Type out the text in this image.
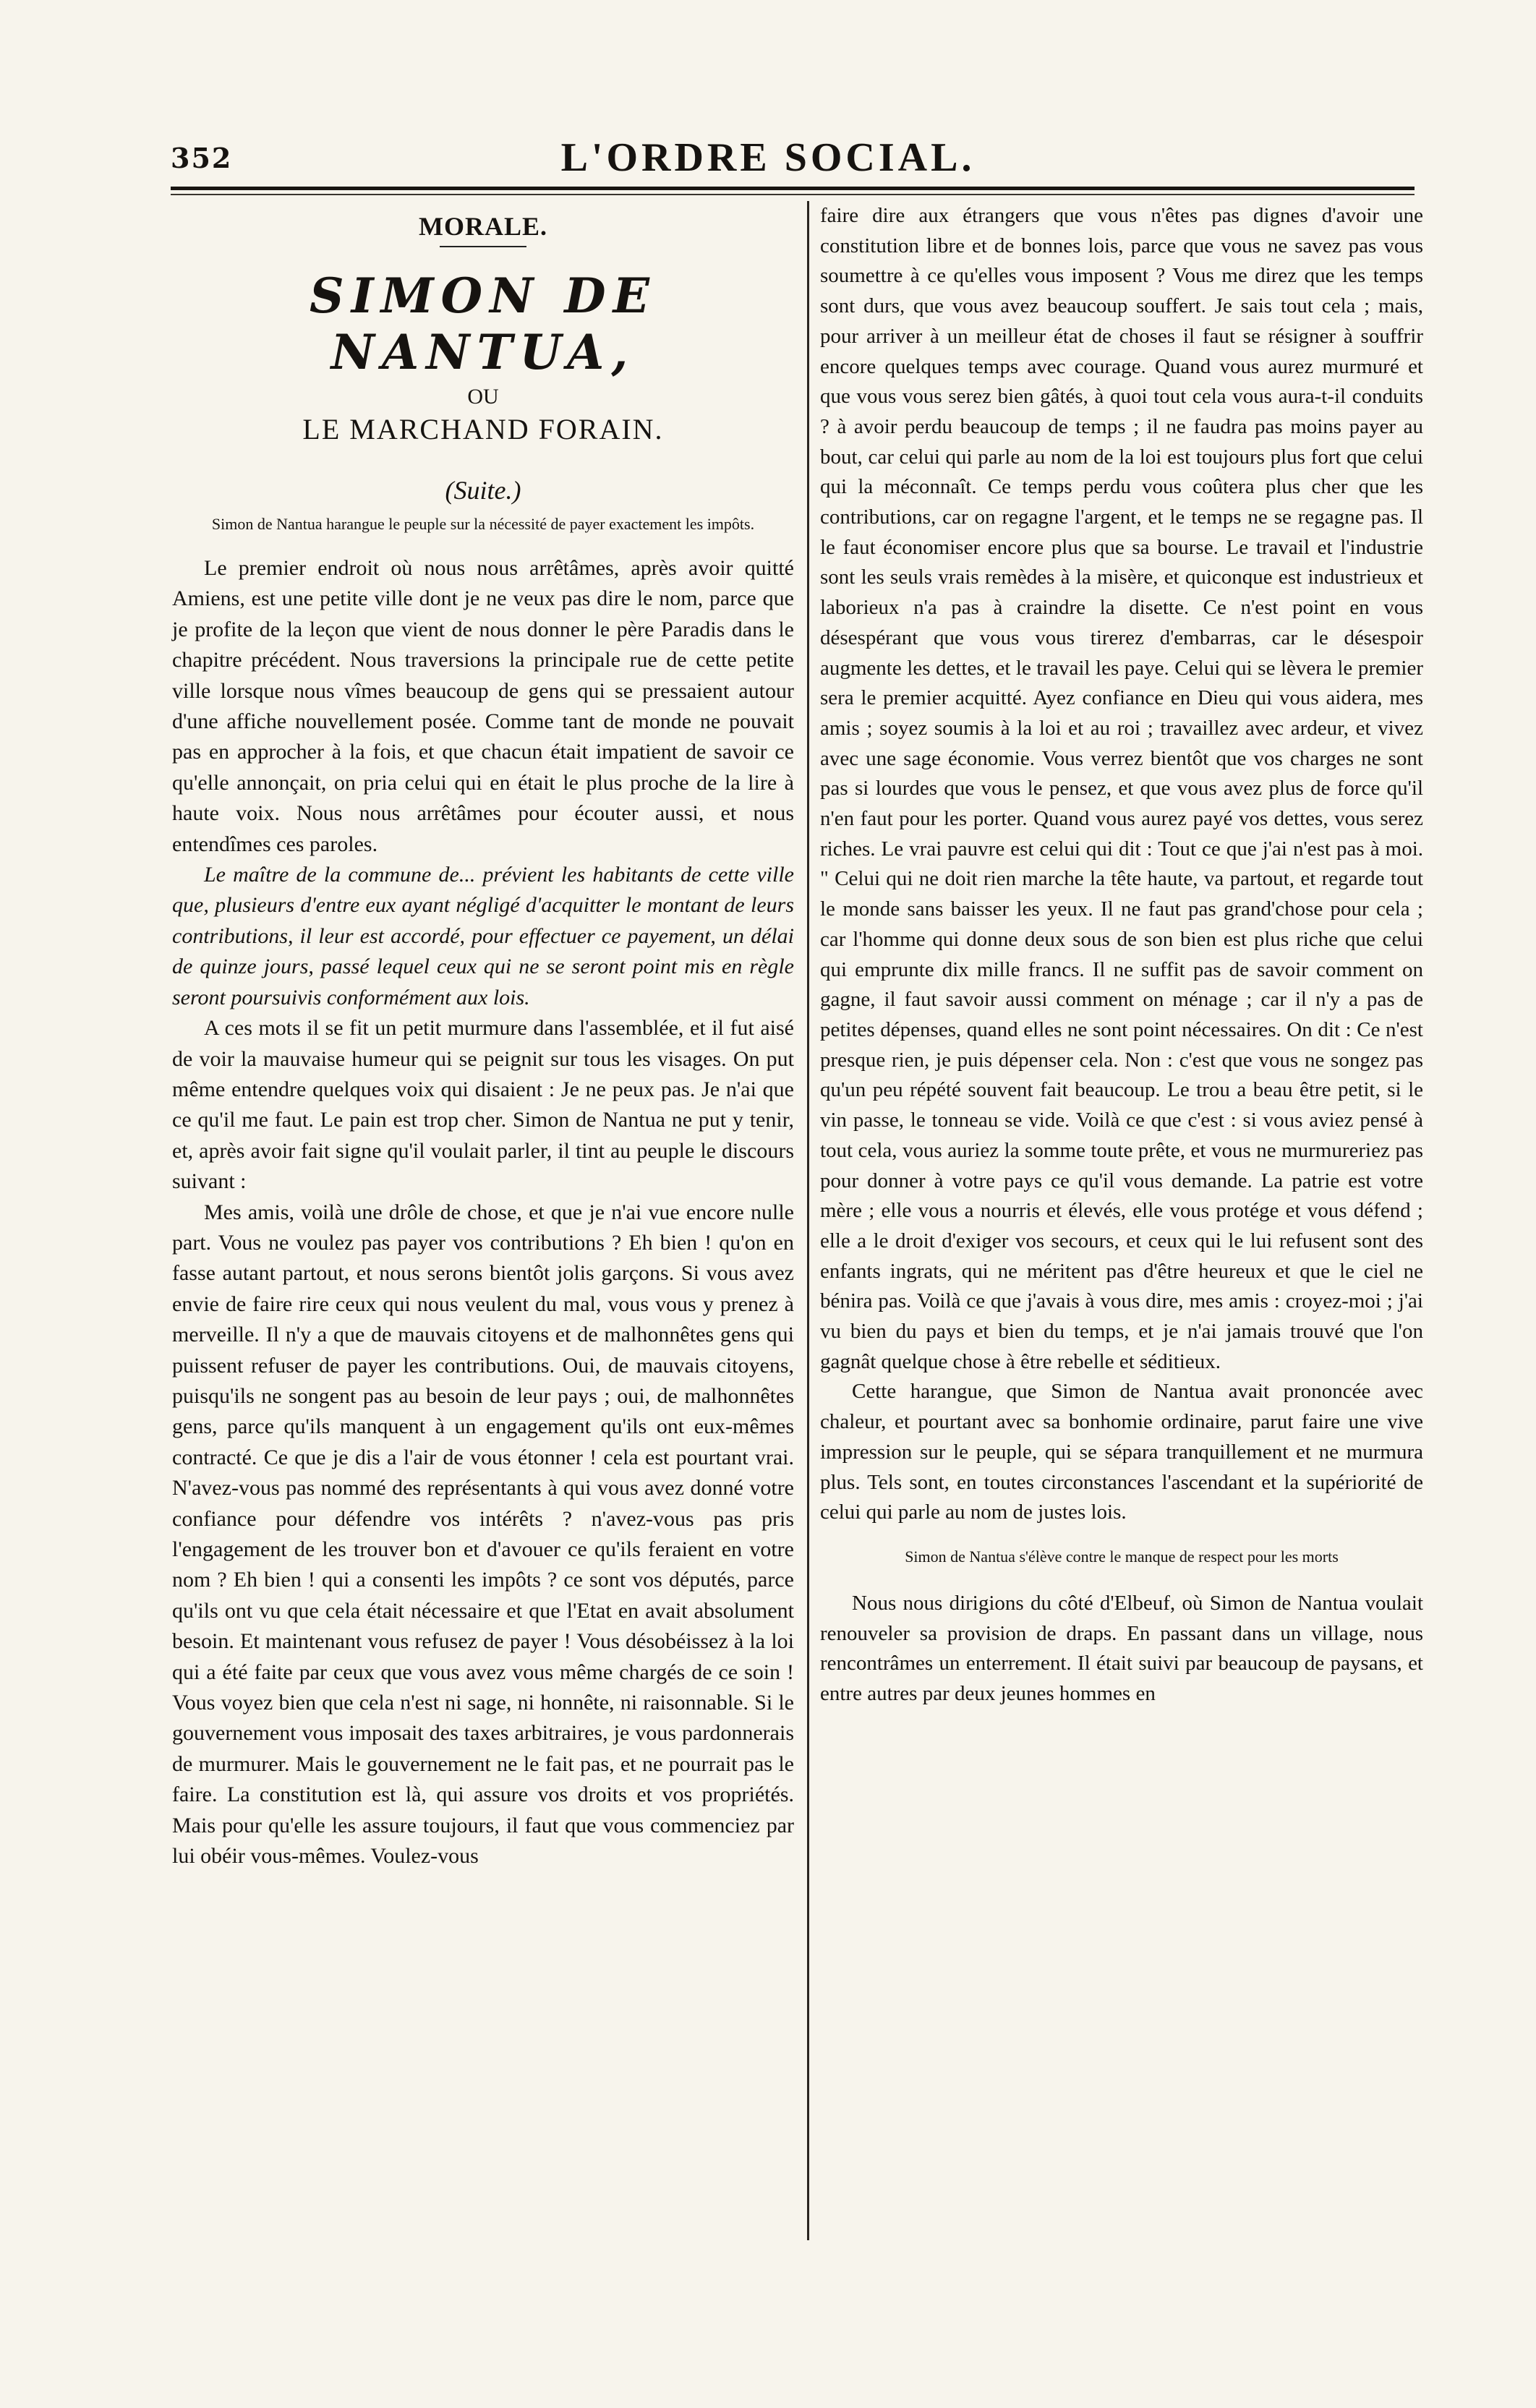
352	L'ORDRE SOCIAL.
MORALE.
SIMON DE NANTUA,
OU
LE MARCHAND FORAIN.
(Suite.)
Simon de Nantua harangue le peuple sur la nécessité de payer exactement les impôts.

Le premier endroit où nous nous arrêtâmes, après avoir quitté Amiens, est une petite ville dont je ne veux pas dire le nom, parce que je profite de la leçon que vient de nous donner le père Paradis dans le chapitre précédent. Nous traversions la principale rue de cette petite ville lorsque nous vîmes beaucoup de gens qui se pressaient autour d'une affiche nouvellement posée. Comme tant de monde ne pouvait pas en approcher à la fois, et que chacun était impatient de savoir ce qu'elle annonçait, on pria celui qui en était le plus proche de la lire à haute voix. Nous nous arrêtâmes pour écouter aussi, et nous entendîmes ces paroles.

Le maître de la commune de... prévient les habitants de cette ville que, plusieurs d'entre eux ayant négligé d'acquitter le montant de leurs contributions, il leur est accordé, pour effectuer ce payement, un délai de quinze jours, passé lequel ceux qui ne se seront point mis en règle seront poursuivis conformément aux lois.

A ces mots il se fit un petit murmure dans l'assemblée, et il fut aisé de voir la mauvaise humeur qui se peignit sur tous les visages. On put même entendre quelques voix qui disaient : Je ne peux pas. Je n'ai que ce qu'il me faut. Le pain est trop cher. Simon de Nantua ne put y tenir, et, après avoir fait signe qu'il voulait parler, il tint au peuple le discours suivant :

Mes amis, voilà une drôle de chose, et que je n'ai vue encore nulle part. Vous ne voulez pas payer vos contributions ? Eh bien ! qu'on en fasse autant partout, et nous serons bientôt jolis garçons. Si vous avez envie de faire rire ceux qui nous veulent du mal, vous vous y prenez à merveille. Il n'y a que de mauvais citoyens et de malhonnêtes gens qui puissent refuser de payer les contributions. Oui, de mauvais citoyens, puisqu'ils ne songent pas au besoin de leur pays ; oui, de malhonnêtes gens, parce qu'ils manquent à un engagement qu'ils ont eux-mêmes contracté. Ce que je dis a l'air de vous étonner ! cela est pourtant vrai. N'avez-vous pas nommé des représentants à qui vous avez donné votre confiance pour défendre vos intérêts ? n'avez-vous pas pris l'engagement de les trouver bon et d'avouer ce qu'ils feraient en votre nom ? Eh bien ! qui a consenti les impôts ? ce sont vos députés, parce qu'ils ont vu que cela était nécessaire et que l'Etat en avait absolument besoin. Et maintenant vous refusez de payer ! Vous désobéissez à la loi qui a été faite par ceux que vous avez vous même chargés de ce soin ! Vous voyez bien que cela n'est ni sage, ni honnête, ni raisonnable. Si le gouvernement vous imposait des taxes arbitraires, je vous pardonnerais de murmurer. Mais le gouvernement ne le fait pas, et ne pourrait pas le faire. La constitution est là, qui assure vos droits et vos propriétés. Mais pour qu'elle les assure toujours, il faut que vous commenciez par lui obéir vous-mêmes. Voulez-vous

faire dire aux étrangers que vous n'êtes pas dignes d'avoir une constitution libre et de bonnes lois, parce que vous ne savez pas vous soumettre à ce qu'elles vous imposent ? Vous me direz que les temps sont durs, que vous avez beaucoup souffert. Je sais tout cela ; mais, pour arriver à un meilleur état de choses il faut se résigner à souffrir encore quelques temps avec courage. Quand vous aurez murmuré et que vous vous serez bien gâtés, à quoi tout cela vous aura-t-il conduits ? à avoir perdu beaucoup de temps ; il ne faudra pas moins payer au bout, car celui qui parle au nom de la loi est toujours plus fort que celui qui la méconnaît. Ce temps perdu vous coûtera plus cher que les contributions, car on regagne l'argent, et le temps ne se regagne pas. Il le faut économiser encore plus que sa bourse. Le travail et l'industrie sont les seuls vrais remèdes à la misère, et quiconque est industrieux et laborieux n'a pas à craindre la disette. Ce n'est point en vous désespérant que vous vous tirerez d'embarras, car le désespoir augmente les dettes, et le travail les paye. Celui qui se lèvera le premier sera le premier acquitté. Ayez confiance en Dieu qui vous aidera, mes amis ; soyez soumis à la loi et au roi ; travaillez avec ardeur, et vivez avec une sage économie. Vous verrez bientôt que vos charges ne sont pas si lourdes que vous le pensez, et que vous avez plus de force qu'il n'en faut pour les porter. Quand vous aurez payé vos dettes, vous serez riches. Le vrai pauvre est celui qui dit : Tout ce que j'ai n'est pas à moi. " Celui qui ne doit rien marche la tête haute, va partout, et regarde tout le monde sans baisser les yeux. Il ne faut pas grand'chose pour cela ; car l'homme qui donne deux sous de son bien est plus riche que celui qui emprunte dix mille francs. Il ne suffit pas de savoir comment on gagne, il faut savoir aussi comment on ménage ; car il n'y a pas de petites dépenses, quand elles ne sont point nécessaires. On dit : Ce n'est presque rien, je puis dépenser cela. Non : c'est que vous ne songez pas qu'un peu répété souvent fait beaucoup. Le trou a beau être petit, si le vin passe, le tonneau se vide. Voilà ce que c'est : si vous aviez pensé à tout cela, vous auriez la somme toute prête, et vous ne murmureriez pas pour donner à votre pays ce qu'il vous demande. La patrie est votre mère ; elle vous a nourris et élevés, elle vous protége et vous défend ; elle a le droit d'exiger vos secours, et ceux qui le lui refusent sont des enfants ingrats, qui ne méritent pas d'être heureux et que le ciel ne bénira pas. Voilà ce que j'avais à vous dire, mes amis : croyez-moi ; j'ai vu bien du pays et bien du temps, et je n'ai jamais trouvé que l'on gagnât quelque chose à être rebelle et séditieux.

Cette harangue, que Simon de Nantua avait prononcée avec chaleur, et pourtant avec sa bonhomie ordinaire, parut faire une vive impression sur le peuple, qui se sépara tranquillement et ne murmura plus. Tels sont, en toutes circonstances l'ascendant et la supériorité de celui qui parle au nom de justes lois.

Simon de Nantua s'élève contre le manque de respect pour les morts

Nous nous dirigions du côté d'Elbeuf, où Simon de Nantua voulait renouveler sa provision de draps. En passant dans un village, nous rencontrâmes un enterrement. Il était suivi par beaucoup de paysans, et entre autres par deux jeunes hommes en
